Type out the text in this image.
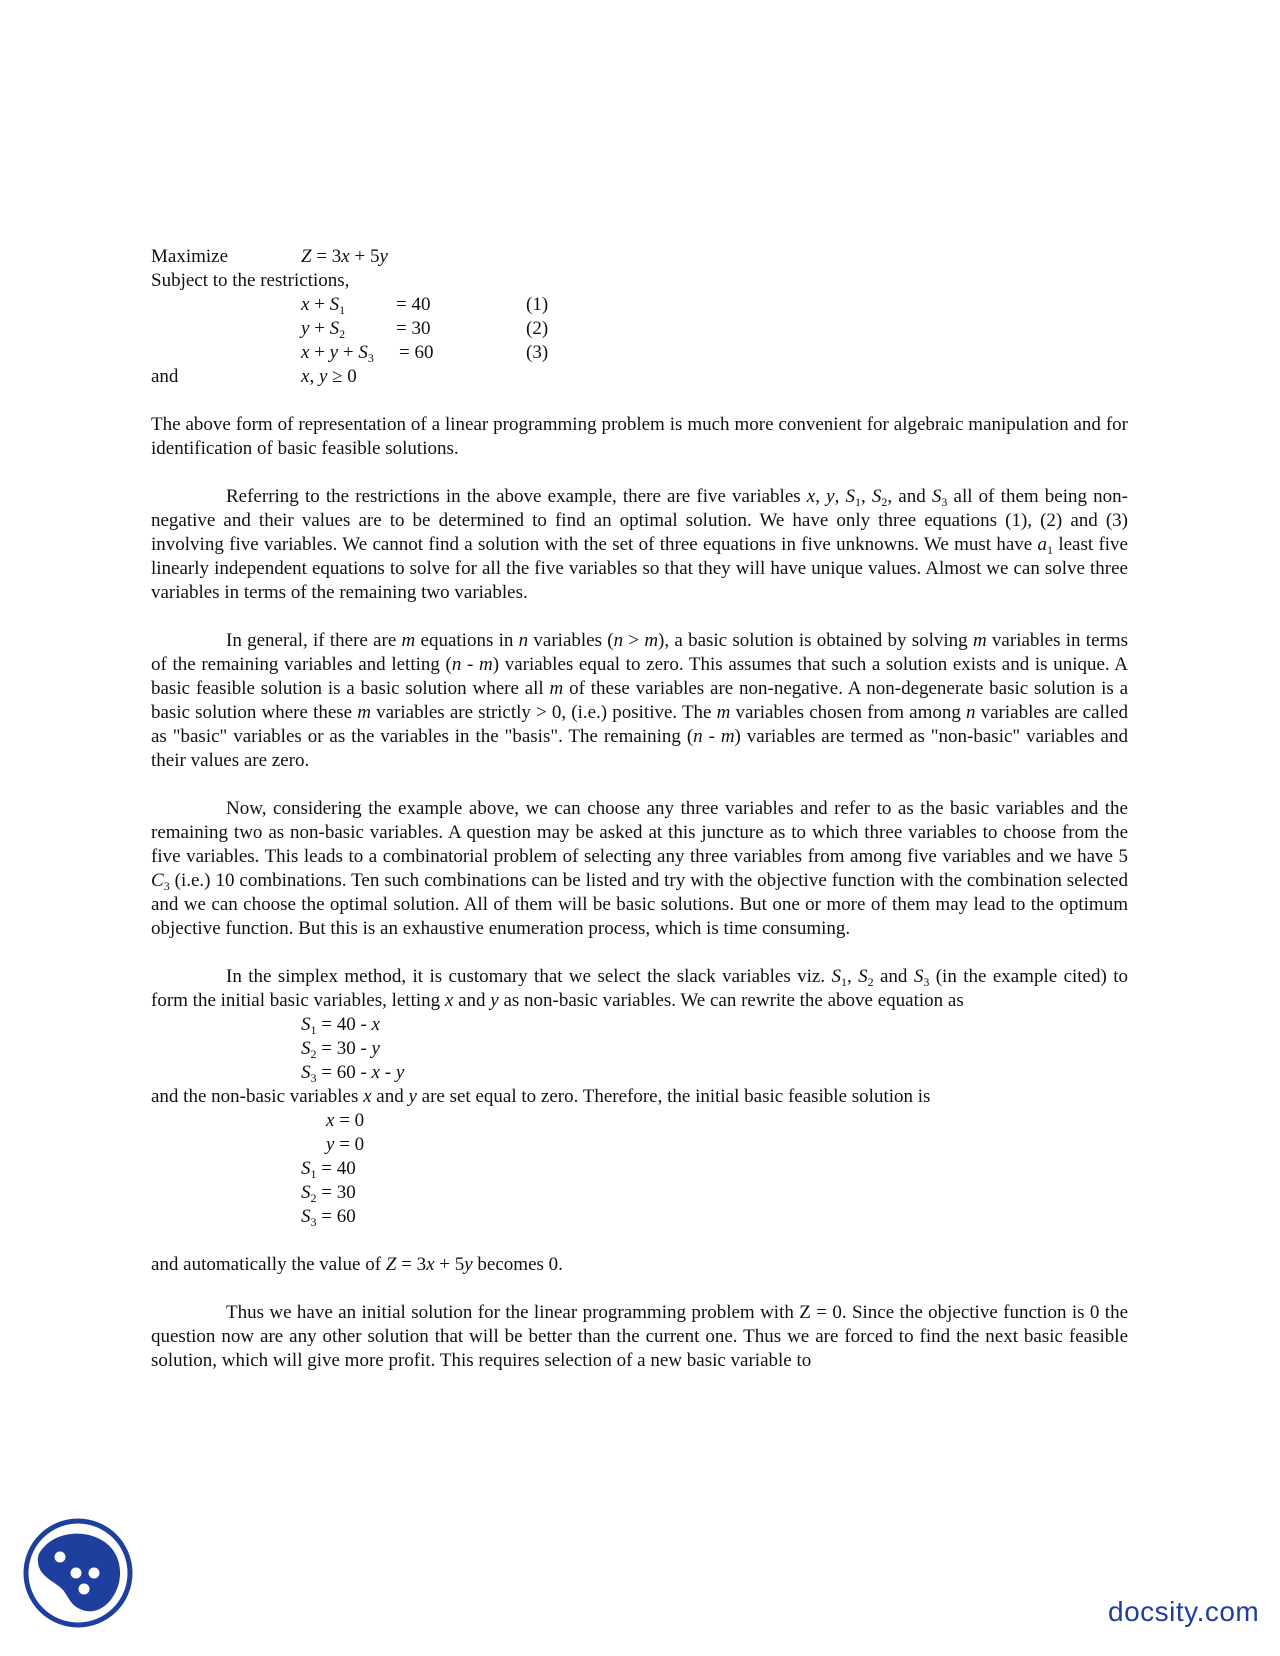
Maximize	Z = 3x + 5y
Subject to the restrictions,
$x + S_1$	= 40	(1)
$y + S_2$	= 30	(2)
$x + y + S_3 = 60$	(3)
and	x, y ≥ 0

The above form of representation of a linear programming problem is much more convenient for algebraic manipulation and for identification of basic feasible solutions.

Referring to the restrictions in the above example, there are five variables x, y, $S_1$, $S_2$, and $S_3$ all of them being non-negative and their values are to be determined to find an optimal solution. We have only three equations (1), (2) and (3) involving five variables. We cannot find a solution with the set of three equations in five unknowns. We must have $a_1$ least five linearly independent equations to solve for all the five variables so that they will have unique values. Almost we can solve three variables in terms of the remaining two variables.

In general, if there are m equations in n variables (n > m), a basic solution is obtained by solving m variables in terms of the remaining variables and letting (n - m) variables equal to zero. This assumes that such a solution exists and is unique. A basic feasible solution is a basic solution where all m of these variables are non-negative. A non-degenerate basic solution is a basic solution where these m variables are strictly > 0, (i.e.) positive. The m variables chosen from among n variables are called as "basic" variables or as the variables in the "basis". The remaining (n - m) variables are termed as "non-basic" variables and their values are zero.

Now, considering the example above, we can choose any three variables and refer to as the basic variables and the remaining two as non-basic variables. A question may be asked at this juncture as to which three variables to choose from the five variables. This leads to a combinatorial problem of selecting any three variables from among five variables and we have 5 $C_3$ (i.e.) 10 combinations. Ten such combinations can be listed and try with the objective function with the combination selected and we can choose the optimal solution. All of them will be basic solutions. But one or more of them may lead to the optimum objective function. But this is an exhaustive enumeration process, which is time consuming.

In the simplex method, it is customary that we select the slack variables viz. $S_1$, $S_2$ and $S_3$ (in the example cited) to form the initial basic variables, letting x and y as non-basic variables. We can rewrite the above equation as

$S_1 = 40 - x$
$S_2 = 30 - y$
$S_3 = 60 - x - y$

and the non-basic variables x and y are set equal to zero. Therefore, the initial basic feasible solution is

x = 0
y = 0
$S_1 = 40$
$S_2 = 30$
$S_3 = 60$

and automatically the value of Z = 3x + 5y becomes 0.

Thus we have an initial solution for the linear programming problem with Z = 0. Since the objective function is 0 the question now are any other solution that will be better than the current one. Thus we are forced to find the next basic feasible solution, which will give more profit. This requires selection of a new basic variable to

docsity.com
